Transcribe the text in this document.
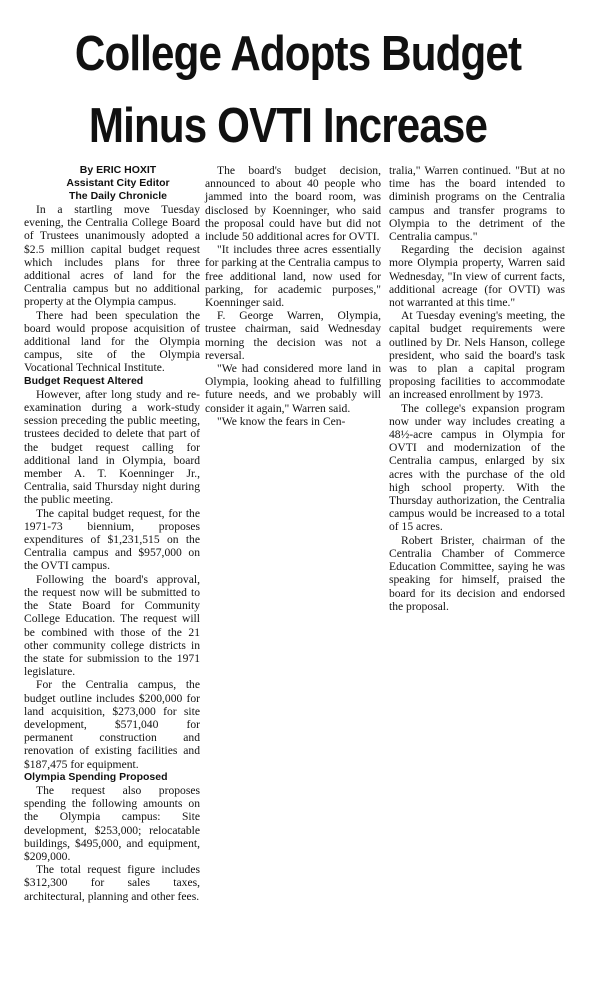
College Adopts Budget
Minus OVTI Increase

By ERIC HOXIT

Assistant City Editor

The Daily Chronicle

In a startling move Tuesday evening, the Centralia College Board of Trustees unanimously adopted a $2.5 million capital budget request which includes plans for three additional acres of land for the Centralia campus but no additional property at the Olympia campus.

There had been speculation the board would propose acquisition of additional land for the Olympia campus, site of the Olympia Vocational Technical Institute.

Budget Request Altered

However, after long study and re-examination during a work-study session preceding the public meeting, trustees decided to delete that part of the budget request calling for additional land in Olympia, board member A. T. Koenninger Jr., Centralia, said Thursday night during the public meeting.

The capital budget request, for the 1971-73 biennium, proposes expenditures of $1,231,515 on the Centralia campus and $957,000 on the OVTI campus.

Following the board's approval, the request now will be submitted to the State Board for Community College Education. The request will be combined with those of the 21 other community college districts in the state for submission to the 1971 legislature.

For the Centralia campus, the budget outline includes $200,000 for land acquisition, $273,000 for site development, $571,040 for permanent construction and renovation of existing facilities and $187,475 for equipment.

Olympia Spending Proposed

The request also proposes spending the following amounts on the Olympia campus: Site development, $253,000; relocatable buildings, $495,000, and equipment, $209,000.

The total request figure includes $312,300 for sales taxes, architectural, planning and other fees.

The board's budget decision, announced to about 40 people who jammed into the board room, was disclosed by Koenninger, who said the proposal could have but did not include 50 additional acres for OVTI.

"It includes three acres essentially for parking at the Centralia campus to free additional land, now used for parking, for academic purposes," Koenninger said.

F. George Warren, Olympia, trustee chairman, said Wednesday morning the decision was not a reversal.

"We had considered more land in Olympia, looking ahead to fulfilling future needs, and we probably will consider it again," Warren said.

"We know the fears in Cen-

tralia," Warren continued. "But at no time has the board intended to diminish programs on the Centralia campus and transfer programs to Olympia to the detriment of the Centralia campus."

Regarding the decision against more Olympia property, Warren said Wednesday, "In view of current facts, additional acreage (for OVTI) was not warranted at this time."

At Tuesday evening's meeting, the capital budget requirements were outlined by Dr. Nels Hanson, college president, who said the board's task was to plan a capital program proposing facilities to accommodate an increased enrollment by 1973.

The college's expansion program now under way includes creating a 48½-acre campus in Olympia for OVTI and modernization of the Centralia campus, enlarged by six acres with the purchase of the old high school property. With the Thursday authorization, the Centralia campus would be increased to a total of 15 acres.

Robert Brister, chairman of the Centralia Chamber of Commerce Education Committee, saying he was speaking for himself, praised the board for its decision and endorsed the proposal.
